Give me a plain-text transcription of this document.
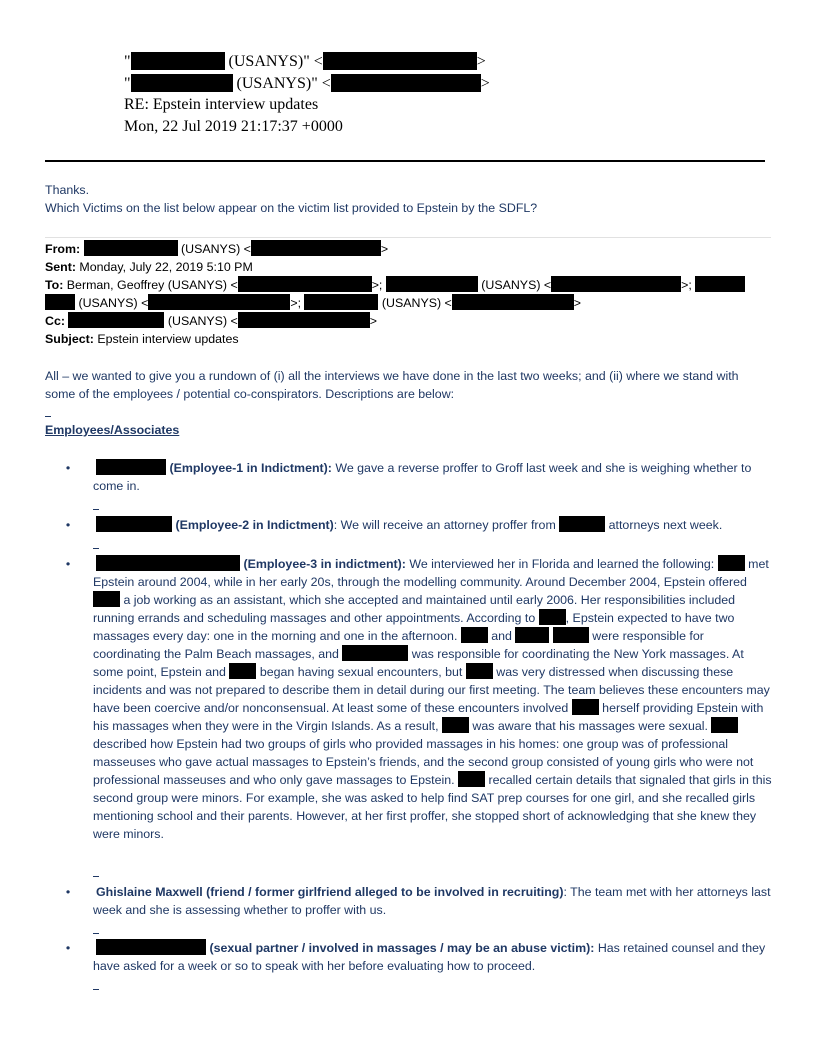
"	(USANYS)" <	>
"	(USANYS)" <	>
RE: Epstein interview updates
Mon, 22 Jul 2019 21:17:37 +0000
Thanks.
Which Victims on the list below appear on the victim list provided to Epstein by the SDFL?
From:	(USANYS) <	>
Sent: Monday, July 22, 2019 5:10 PM
To: Berman, Geoffrey (USANYS) <	>;	(USANYS) <	>;
(USANYS) <	>;	(USANYS) <	>
Cc:	(USANYS) <	>
Subject: Epstein interview updates
All – we wanted to give you a rundown of (i) all the interviews we have done in the last two weeks; and (ii) where we stand with some of the employees / potential co-conspirators. Descriptions are below:
Employees/Associates
•	(Employee-1 in Indictment): We gave a reverse proffer to Groff last week and she is weighing whether to come in.
•	(Employee-2 in Indictment): We will receive an attorney proffer from	attorneys next week.
•	(Employee-3 in indictment): We interviewed her in Florida and learned the following:  met Epstein around 2004, while in her early 20s, through the modelling community. Around December 2004, Epstein offered  a job working as an assistant, which she accepted and maintained until early 2006. Her responsibilities included running errands and scheduling massages and other appointments. According to , Epstein expected to have two massages every day: one in the morning and one in the afternoon.  and	were responsible for coordinating the Palm Beach massages, and	was responsible for coordinating the New York massages. At some point, Epstein and  began having sexual encounters, but  was very distressed when discussing these incidents and was not prepared to describe them in detail during our first meeting. The team believes these encounters may have been coercive and/or nonconsensual. At least some of these encounters involved  herself providing Epstein with his massages when they were in the Virgin Islands. As a result,  was aware that his massages were sexual.  described how Epstein had two groups of girls who provided massages in his homes: one group was of professional masseuses who gave actual massages to Epstein’s friends, and the second group consisted of young girls who were not professional masseuses and who only gave massages to Epstein.  recalled certain details that signaled that girls in this second group were minors. For example, she was asked to help find SAT prep courses for one girl, and she recalled girls mentioning school and their parents. However, at her first proffer, she stopped short of acknowledging that she knew they were minors.
• Ghislaine Maxwell (friend / former girlfriend alleged to be involved in recruiting): The team met with her attorneys last week and she is assessing whether to proffer with us.
•	(sexual partner / involved in massages / may be an abuse victim): Has retained counsel and they have asked for a week or so to speak with her before evaluating how to proceed.
